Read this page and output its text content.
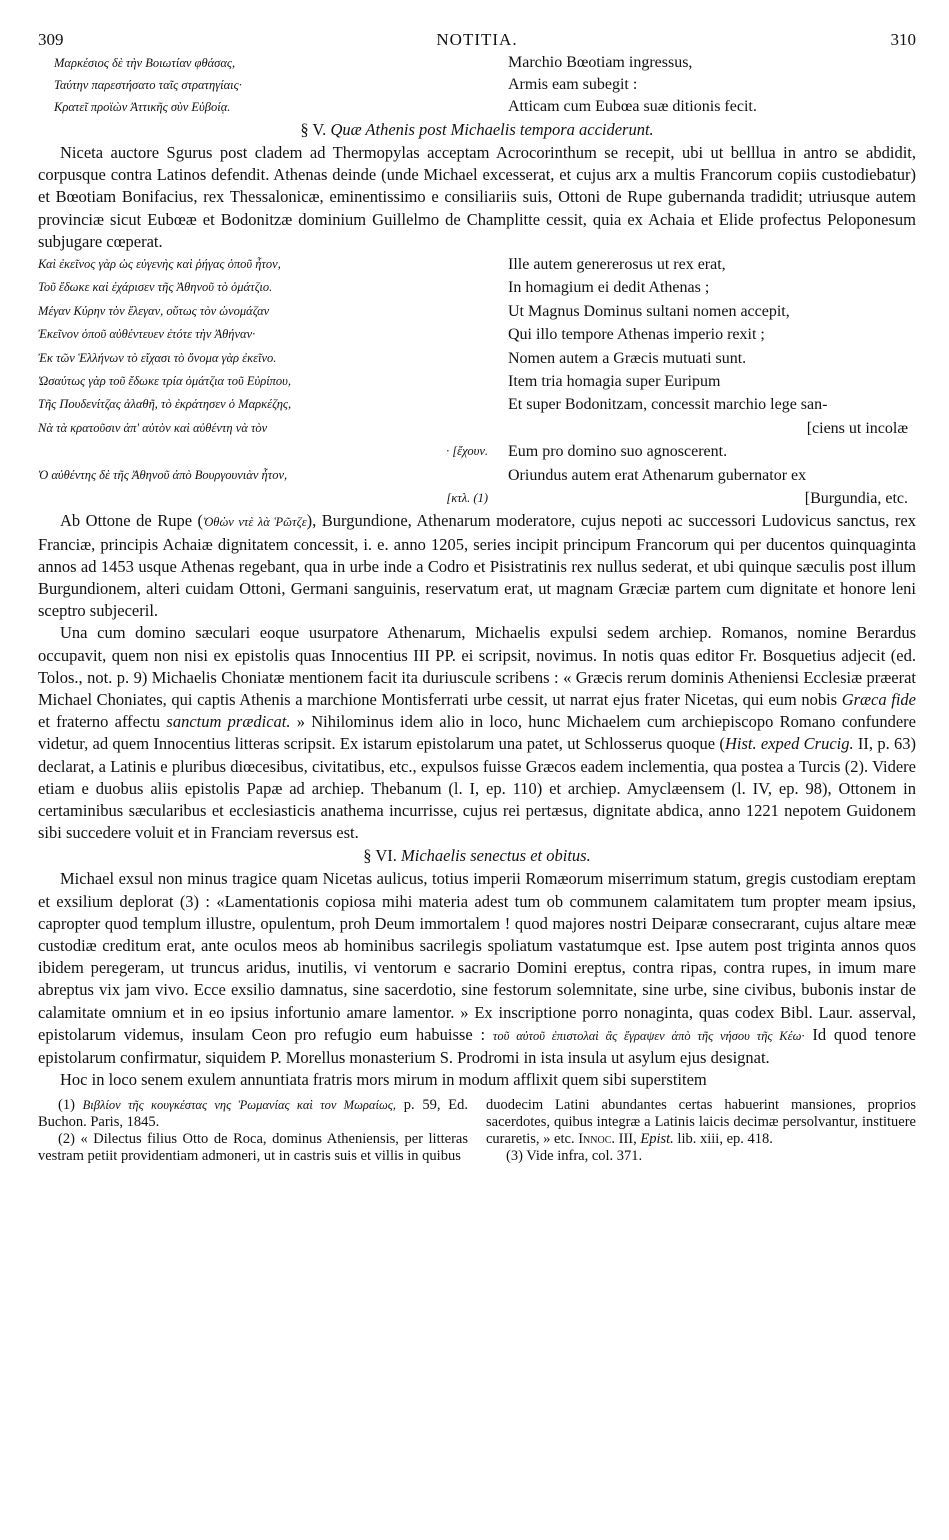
309	NOTITIA.	310
Μαρκέσιος δὲ τὴν Βοιωτίαν φθάσας,
Ταύτην παρεστήσατο ταῖς στρατηγίαις·
Κρατεῖ προϊὼν Ἀττικῆς σὺν Εὐβοίᾳ.
Marchio Bœotiam ingressus,
Armis eam subegit :
Atticam cum Eubœa suæ ditionis fecit.
§ V. Quæ Athenis post Michaelis tempora acciderunt.

Niceta auctore Sgurus post cladem ad Thermopylas acceptam Acrocorinthum se recepit, ubi ut belllua in antro se abdidit, corpusque contra Latinos defendit. Athenas deinde (unde Michael excesserat, et cujus arx a multis Francorum copiis custodiebatur) et Bœotiam Bonifacius, rex Thessalonicæ, eminentissimo e consiliariis suis, Ottoni de Rupe gubernanda tradidit; utriusque autem provinciæ sicut Eubœæ et Bodonitzæ dominium Guillelmo de Champlitte cessit, quia ex Achaia et Elide profectus Peloponesum subjugare cœperat.

Καὶ ἐκεῖνος γὰρ ὡς εὐγενὴς καὶ ῥήγας ὁποῦ ἦτον,
Τοῦ ἔδωκε καὶ ἐχάρισεν τῆς Ἀθηνοῦ τὸ ὁμάτζιο.
Μέγαν Κύρην τὸν ἔλεγαν, οὕτως τὸν ὠνομάζαν
Ἐκεῖνον ὁποῦ αὐθέντευεν ἐτότε τὴν Ἀθήναν·
Ἐκ τῶν Ἑλλήνων τὸ εἴχασι τὸ ὄνομα γὰρ ἐκεῖνο.
Ὡσαύτως γὰρ τοῦ ἔδωκε τρία ὁμάτζια τοῦ Εὐρίπου,
Τῆς Πουδενίτζας ἀλαθῆ, τὸ ἐκράτησεν ὁ Μαρκέζης,
Νὰ τὰ κρατοῦσιν ἀπ' αὐτὸν καὶ αὐθέντη νὰ τὸν
· [ἔχουν.
Ὁ αὐθέντης δὲ τῆς Ἀθηνοῦ ἀπὸ Βουργουνιὰν ἦτον,
[κτλ. (1)
Ille autem genererosus ut rex erat,
In homagium ei dedit Athenas ;
Ut Magnus Dominus sultani nomen accepit,
Qui illo tempore Athenas imperio rexit ;
Nomen autem a Græcis mutuati sunt.
Item tria homagia super Euripum
Et super Bodonitzam, concessit marchio lege san-
[ciens ut incolæ
Eum pro domino suo agnoscerent.
Oriundus autem erat Athenarum gubernator ex
[Burgundia, etc.

Ab Ottone de Rupe (Ὀθὼν ντὲ λὰ Ῥῶτζε), Burgundione, Athenarum moderatore, cujus nepoti ac successori Ludovicus sanctus, rex Franciæ, principis Achaiæ dignitatem concessit, i. e. anno 1205, series incipit principum Francorum qui per ducentos quinquaginta annos ad 1453 usque Athenas regebant, qua in urbe inde a Codro et Pisistratinis rex nullus sederat, et ubi quinque sæculis post illum Burgundionem, alteri cuidam Ottoni, Germani sanguinis, reservatum erat, ut magnam Græciæ partem cum dignitate et honore leni sceptro subjeceril.

Una cum domino sæculari eoque usurpatore Athenarum, Michaelis expulsi sedem archiep. Romanos, nomine Berardus occupavit, quem non nisi ex epistolis quas Innocentius III PP. ei scripsit, novimus. In notis quas editor Fr. Bosquetius adjecit (ed. Tolos., not. p. 9) Michaelis Choniatæ mentionem facit ita duriuscule scribens : « Græcis rerum dominis Atheniensi Ecclesiæ præerat Michael Choniates, qui captis Athenis a marchione Montisferrati urbe cessit, ut narrat ejus frater Nicetas, qui eum nobis Græca fide et fraterno affectu sanctum prædicat. » Nihilominus idem alio in loco, hunc Michaelem cum archiepiscopo Romano confundere videtur, ad quem Innocentius litteras scripsit. Ex istarum epistolarum una patet, ut Schlosserus quoque (Hist. exped Crucig. II, p. 63) declarat, a Latinis e pluribus diœcesibus, civitatibus, etc., expulsos fuisse Græcos eadem inclementia, qua postea a Turcis (2). Videre etiam e duobus aliis epistolis Papæ ad archiep. Thebanum (l. I, ep. 110) et archiep. Amyclæensem (l. IV, ep. 98), Ottonem in certaminibus sæcularibus et ecclesiasticis anathema incurrisse, cujus rei pertæsus, dignitate abdica, anno 1221 nepotem Guidonem sibi succedere voluit et in Franciam reversus est.

§ VI. Michaelis senectus et obitus.

Michael exsul non minus tragice quam Nicetas aulicus, totius imperii Romæorum miserrimum statum, gregis custodiam ereptam et exsilium deplorat (3) : «Lamentationis copiosa mihi materia adest tum ob communem calamitatem tum propter meam ipsius, capropter quod templum illustre, opulentum, proh Deum immortalem ! quod majores nostri Deiparæ consecrarant, cujus altare meæ custodiæ creditum erat, ante oculos meos ab hominibus sacrilegis spoliatum vastatumque est. Ipse autem post triginta annos quos ibidem peregeram, ut truncus aridus, inutilis, vi ventorum e sacrario Domini ereptus, contra ripas, contra rupes, in imum mare abreptus vix jam vivo. Ecce exsilio damnatus, sine sacerdotio, sine festorum solemnitate, sine urbe, sine civibus, bubonis instar de calamitate omnium et in eo ipsius infortunio amare lamentor. » Ex inscriptione porro nonaginta, quas codex Bibl. Laur. asserval, epistolarum videmus, insulam Ceon pro refugio eum habuisse : τοῦ αὐτοῦ ἐπιστολαὶ ἃς ἔγραψεν ἀπὸ τῆς νήσου τῆς Κέω· Id quod tenore epistolarum confirmatur, siquidem P. Morellus monasterium S. Prodromi in ista insula ut asylum ejus designat.

Hoc in loco senem exulem annuntiata fratris mors mirum in modum afflixit quem sibi superstitem

(1) Βιβλίον τῆς κουγκέστας νης Ῥωμανίας καὶ τον Μωραίως, p. 59, Ed. Buchon. Paris, 1845.

(2) « Dilectus filius Otto de Roca, dominus Atheniensis, per litteras vestram petiit providentiam admoneri, ut in castris suis et villis in quibus

duodecim Latini abundantes certas habuerint mansiones, proprios sacerdotes, quibus integræ a Latinis laicis decimæ persolvantur, instituere curaretis, » etc. Innoc. III, Epist. lib. xiii, ep. 418.

(3) Vide infra, col. 371.
